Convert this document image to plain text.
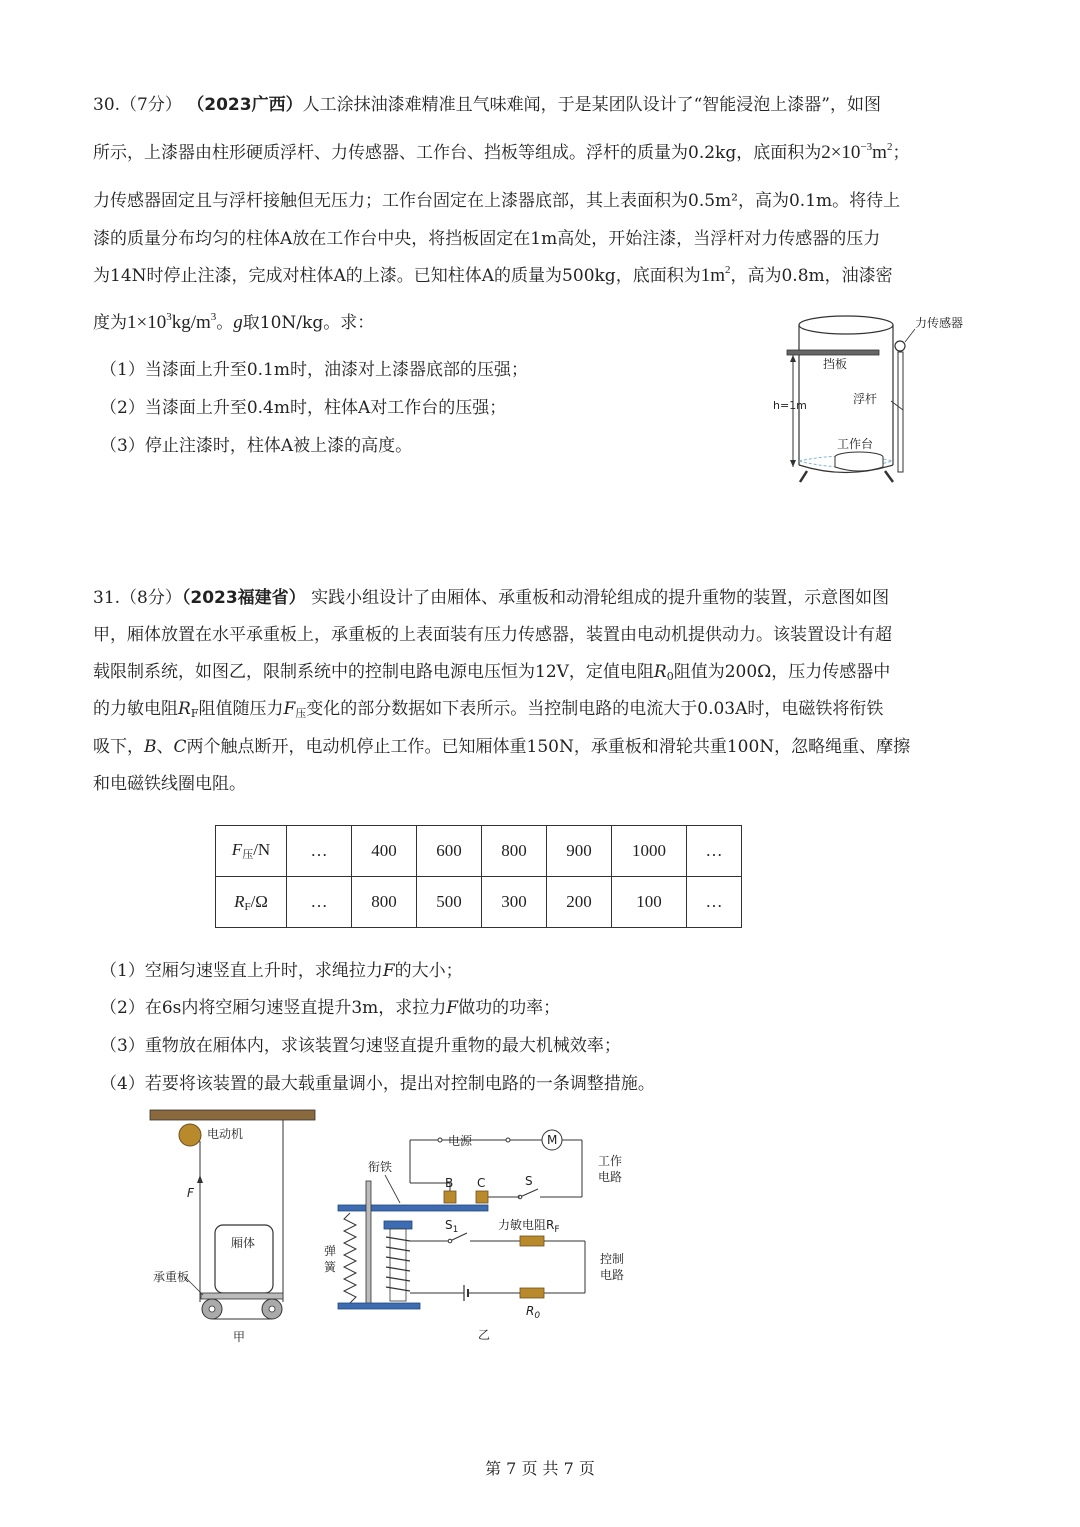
30.（7分） （2023广西）人工涂抹油漆难精准且气味难闻，于是某团队设计了“智能浸泡上漆器”，如图
所示，上漆器由柱形硬质浮杆、力传感器、工作台、挡板等组成。浮杆的质量为0.2kg，底面积为$2\times 10^{-3}m^2$；
力传感器固定且与浮杆接触但无压力；工作台固定在上漆器底部，其上表面积为0.5m²，高为0.1m。将待上
漆的质量分布均匀的柱体A放在工作台中央，将挡板固定在1m高处，开始注漆，当浮杆对力传感器的压力
为14N时停止注漆，完成对柱体A的上漆。已知柱体A的质量为500kg，底面积为$1m^2$，高为0.8m，油漆密
度为$1\times 10^3kg/m^3$。g取10N/kg。求：
（1）当漆面上升至0.1m时，油漆对上漆器底部的压强；
（2）当漆面上升至0.4m时，柱体A对工作台的压强；
（3）停止注漆时，柱体A被上漆的高度。
h=1m
挡板
力传感器
浮杆
工作台
31.（8分）（2023福建省） 实践小组设计了由厢体、承重板和动滑轮组成的提升重物的装置，示意图如图
甲，厢体放置在水平承重板上，承重板的上表面装有压力传感器，装置由电动机提供动力。该装置设计有超
载限制系统，如图乙，限制系统中的控制电路电源电压恒为12V，定值电阻$R_0$阻值为200Ω，压力传感器中
的力敏电阻$R_F$阻值随压力$F_压$变化的部分数据如下表所示。当控制电路的电流大于0.03A时，电磁铁将衔铁
吸下，B、C两个触点断开，电动机停止工作。已知厢体重150N，承重板和滑轮共重100N，忽略绳重、摩擦
和电磁铁线圈电阻。
$F_压/N$	…	400	600	800	900	1000	…
$R_F/\Omega$	…	800	500	300	200	100	…
（1）空厢匀速竖直上升时，求绳拉力F的大小；
（2）在6s内将空厢匀速竖直提升3m，求拉力F做功的功率；
（3）重物放在厢体内，求该装置匀速竖直提升重物的最大机械效率；
（4）若要将该装置的最大载重量调小，提出对控制电路的一条调整措施。
电动机
F
厢体
承重板
甲
电源	M
S
工作
电路
B C
衔铁
弹
簧
$S_1$	力敏电阻$R_F$
$R_0$
控制
电路
乙
第 7 页 共 7 页
